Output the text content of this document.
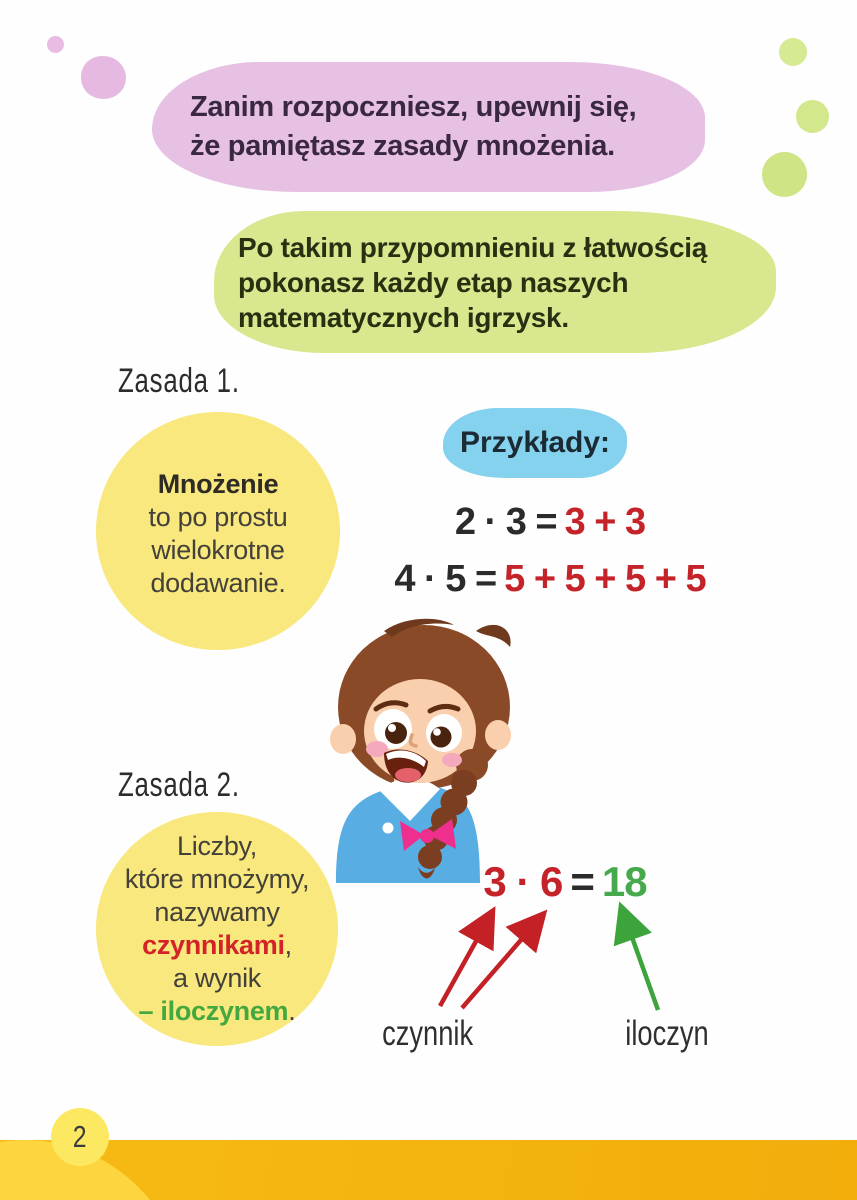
Zanim rozpoczniesz, upewnij się,
że pamiętasz zasady mnożenia.
Po takim przypomnieniu z łatwością
pokonasz każdy etap naszych
matematycznych igrzysk.
Zasada 1.
Mnożenie
to po prostu
wielokrotne
dodawanie.
Przykłady:
2 · 3 = 3 + 3
4 · 5 = 5 + 5 + 5 + 5
Zasada 2.
Liczby,
które mnożymy,
nazywamy
czynnikami,
a wynik
– iloczynem.
3 · 6 = 18
czynnik	iloczyn
2
